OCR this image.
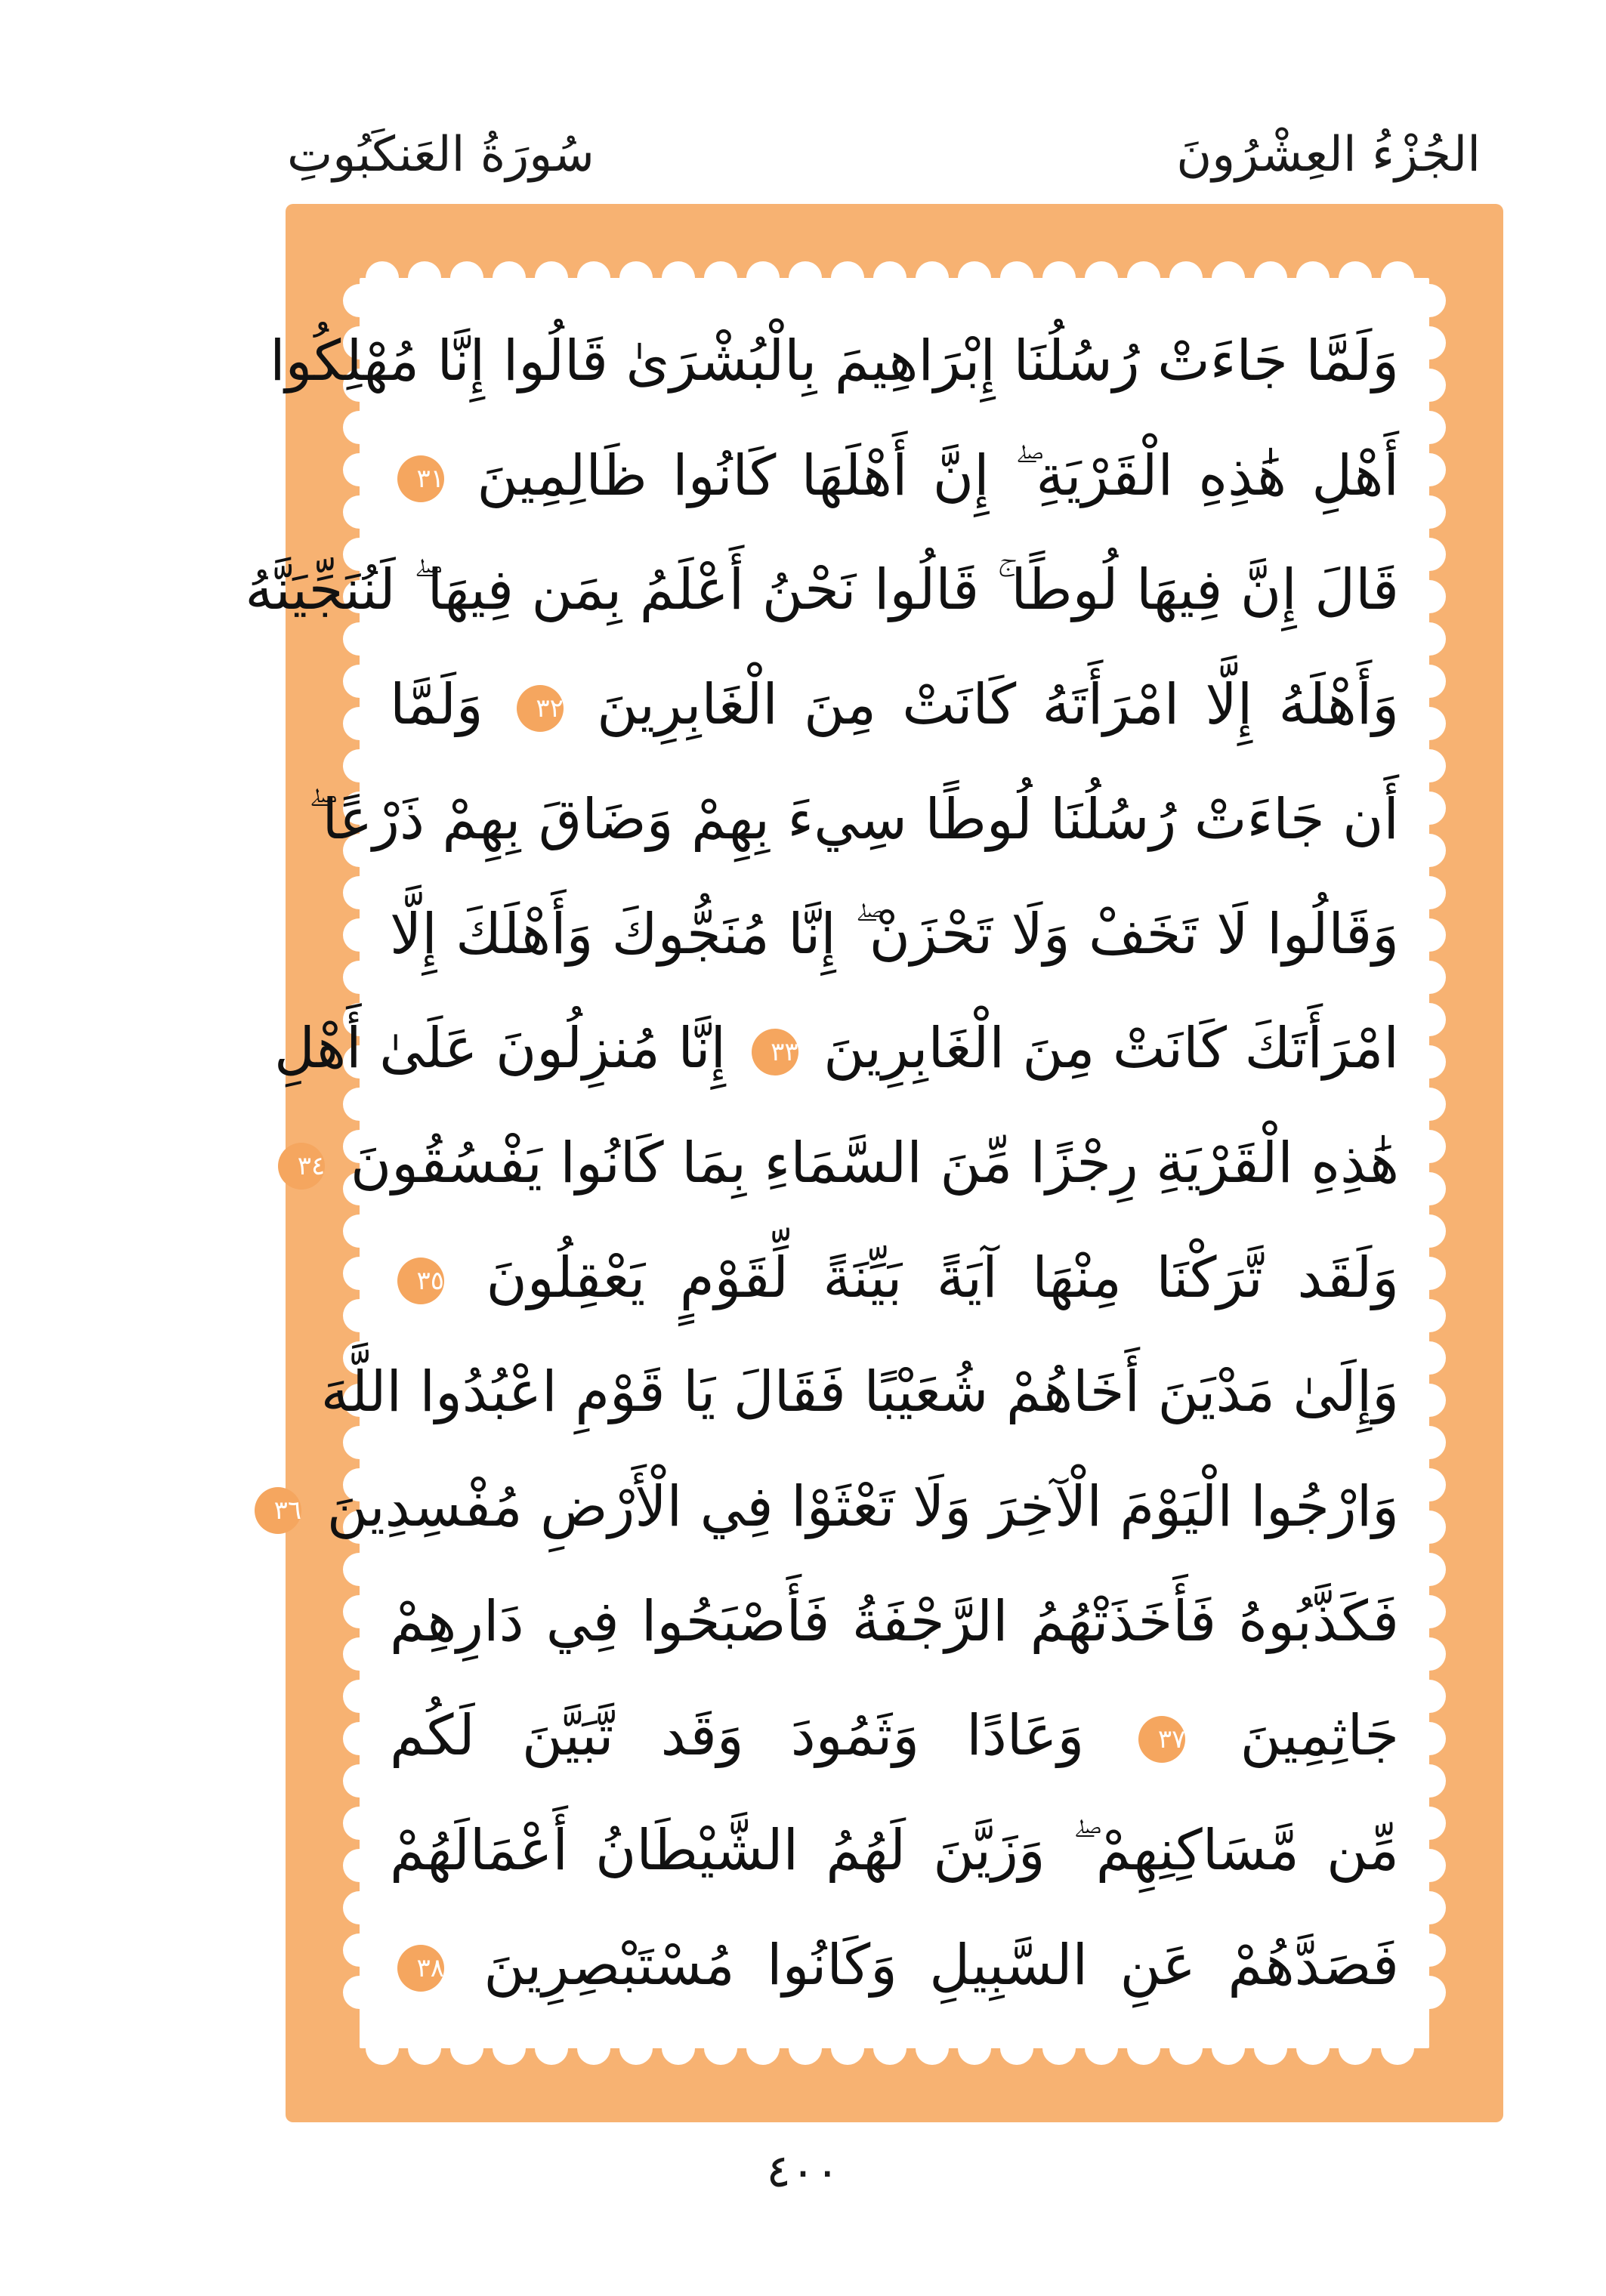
الجُزْءُ العِشْرُونَ
سُورَةُ العَنكَبُوتِ
وَلَمَّا جَاءَتْ رُسُلُنَا إِبْرَاهِيمَ بِالْبُشْرَىٰ قَالُوا إِنَّا مُهْلِكُوا
أَهْلِ هَٰذِهِ الْقَرْيَةِ ۖ إِنَّ أَهْلَهَا كَانُوا ظَالِمِينَ ٣١
قَالَ إِنَّ فِيهَا لُوطًا ۚ قَالُوا نَحْنُ أَعْلَمُ بِمَن فِيهَا ۖ لَنُنَجِّيَنَّهُ
وَأَهْلَهُ إِلَّا امْرَأَتَهُ كَانَتْ مِنَ الْغَابِرِينَ ٣٢ وَلَمَّا
أَن جَاءَتْ رُسُلُنَا لُوطًا سِيءَ بِهِمْ وَضَاقَ بِهِمْ ذَرْعًا ۖ
وَقَالُوا لَا تَخَفْ وَلَا تَحْزَنْ ۖ إِنَّا مُنَجُّوكَ وَأَهْلَكَ إِلَّا
امْرَأَتَكَ كَانَتْ مِنَ الْغَابِرِينَ ٣٣ إِنَّا مُنزِلُونَ عَلَىٰ أَهْلِ
هَٰذِهِ الْقَرْيَةِ رِجْزًا مِّنَ السَّمَاءِ بِمَا كَانُوا يَفْسُقُونَ ٣٤
وَلَقَد تَّرَكْنَا مِنْهَا آيَةً بَيِّنَةً لِّقَوْمٍ يَعْقِلُونَ ٣٥
وَإِلَىٰ مَدْيَنَ أَخَاهُمْ شُعَيْبًا فَقَالَ يَا قَوْمِ اعْبُدُوا اللَّهَ
وَارْجُوا الْيَوْمَ الْآخِرَ وَلَا تَعْثَوْا فِي الْأَرْضِ مُفْسِدِينَ ٣٦
فَكَذَّبُوهُ فَأَخَذَتْهُمُ الرَّجْفَةُ فَأَصْبَحُوا فِي دَارِهِمْ
جَاثِمِينَ ٣٧ وَعَادًا وَثَمُودَ وَقَد تَّبَيَّنَ لَكُم
مِّن مَّسَاكِنِهِمْ ۖ وَزَيَّنَ لَهُمُ الشَّيْطَانُ أَعْمَالَهُمْ
فَصَدَّهُمْ عَنِ السَّبِيلِ وَكَانُوا مُسْتَبْصِرِينَ ٣٨
٤٠٠
